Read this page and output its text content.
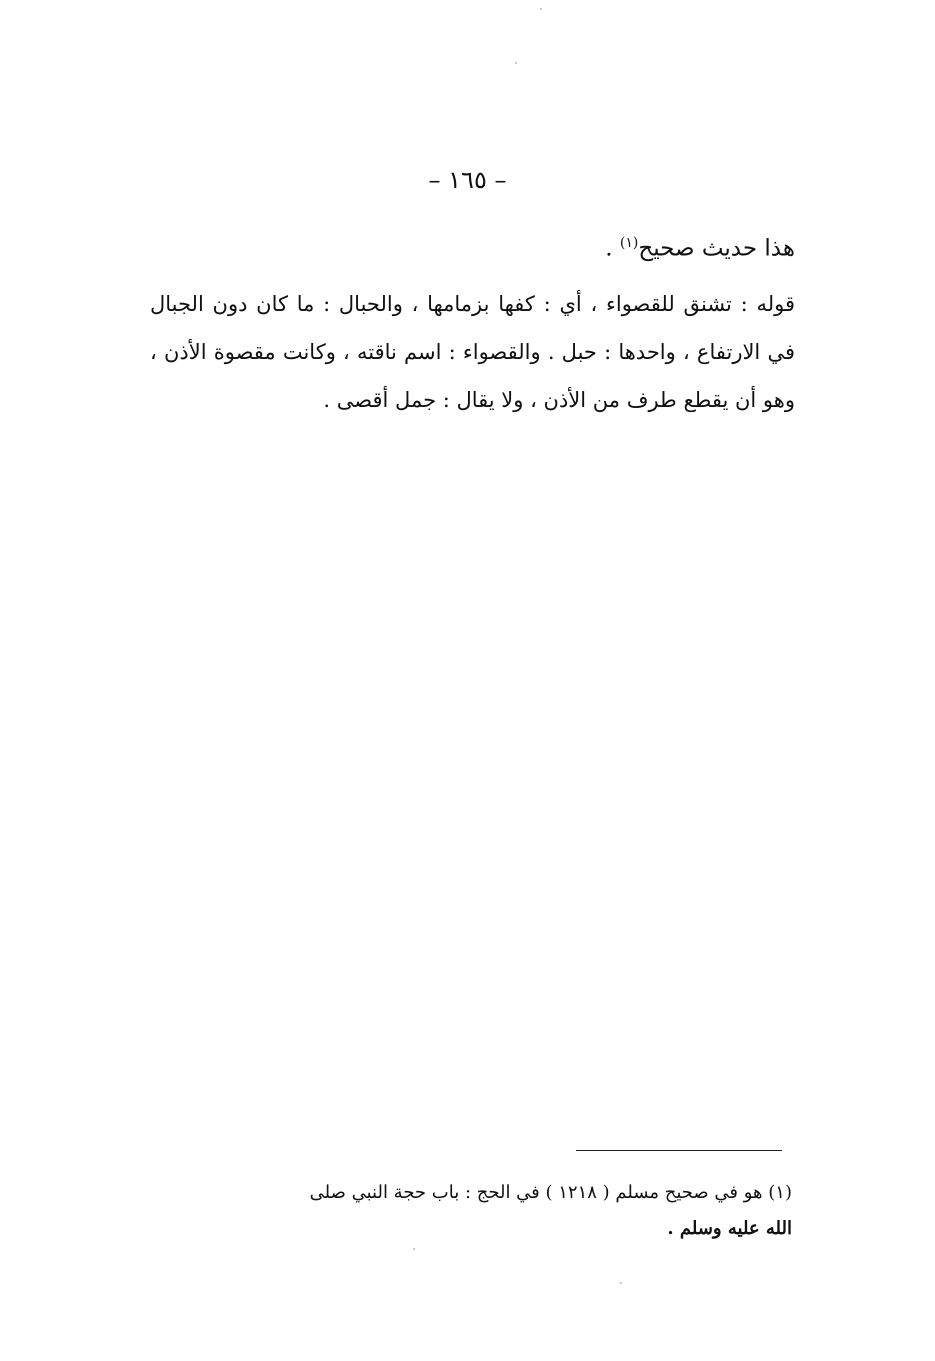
– ١٦٥ –

هذا حديث صحيح$^{(١)}$ .

قوله : تشنق للقصواء ، أي : كفها بزمامها ، والحبال : ما كان دون الجبال في الارتفاع ، واحدها : حبل . والقصواء : اسم ناقته ، وكانت مقصوة الأذن ، وهو أن يقطع طرف من الأذن ، ولا يقال : جمل أقصى .

(١) هو في صحيح مسلم ( ١٢١٨ ) في الحج : باب حجة النبي صلى
الله عليه وسلم .
